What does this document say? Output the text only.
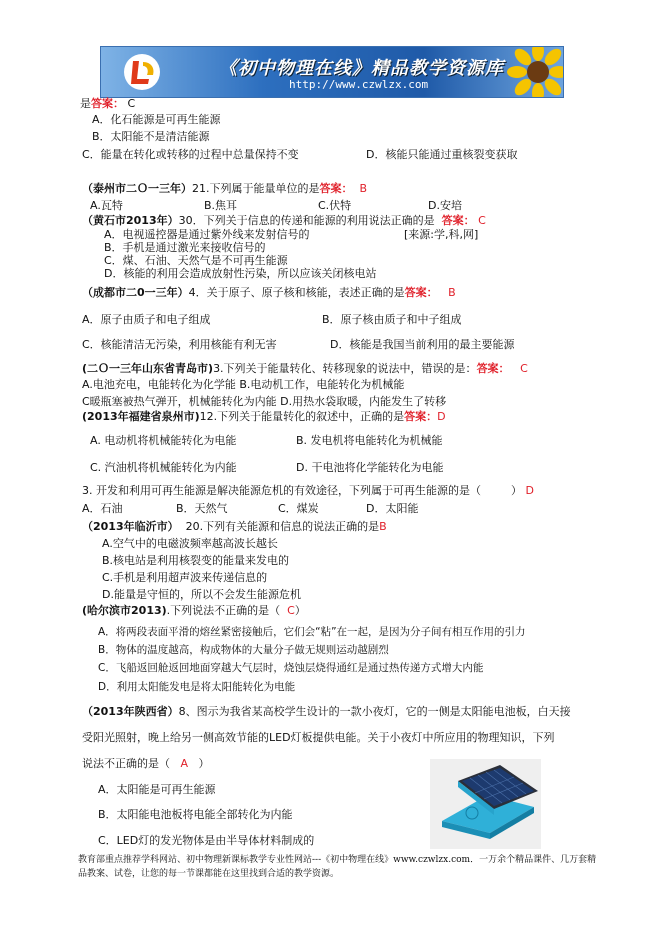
《初中物理在线》精品教学资源库
http://www.czwlzx.com
是答案： C
A．化石能源是可再生能源
B．太阳能不是清洁能源
C．能量在转化或转移的过程中总量保持不变	D．核能只能通过重核裂变获取
（泰州市二Ｏ一三年）21.下列属于能量单位的是答案： B
A.瓦特	B.焦耳	C.伏特	D.安培
（黄石市2013年）30．下列关于信息的传递和能源的利用说法正确的是 答案： C
A．电视遥控器是通过紫外线来发射信号的	[来源:学,科,网]
B．手机是通过激光来接收信号的
C．煤、石油、天然气是不可再生能源
D．核能的利用会造成放射性污染，所以应该关闭核电站
（成都市二0一三年）4．关于原子、原子核和核能，表述正确的是答案： B
A．原子由质子和电子组成	B．原子核由质子和中子组成
C．核能清洁无污染，利用核能有利无害	D．核能是我国当前利用的最主要能源
(二Ｏ一三年山东省青岛市)3.下列关于能量转化、转移现象的说法中，错误的是：答案： C
A.电池充电，电能转化为化学能 B.电动机工作，电能转化为机械能
C暖瓶塞被热气弹开，机械能转化为内能 D.用热水袋取暖，内能发生了转移
(2013年福建省泉州市)12.下列关于能量转化的叙述中，正确的是答案：D
A. 电动机将机械能转化为电能	B. 发电机将电能转化为机械能
C. 汽油机将机械能转化为内能	D. 干电池将化学能转化为电能
3. 开发和利用可再生能源是解决能源危机的有效途径，下列属于可再生能源的是（	） D
A．石油	B．天然气	C．煤炭	D．太阳能
（2013年临沂市） 20.下列有关能源和信息的说法正确的是B
A.空气中的电磁波频率越高波长越长
B.核电站是利用核裂变的能量来发电的
C.手机是利用超声波来传递信息的
D.能量是守恒的，所以不会发生能源危机
(哈尔滨市2013).下列说法不正确的是（ C）
A．将两段表面平滑的熔丝紧密接触后，它们会“粘”在一起，是因为分子间有相互作用的引力
B．物体的温度越高，构成物体的大量分子做无规则运动越剧烈
C．飞船返回舱返回地面穿越大气层时，烧蚀层烧得通红是通过热传递方式增大内能
D．利用太阳能发电是将太阳能转化为电能
（2013年陕西省）8、图示为我省某高校学生设计的一款小夜灯，它的一侧是太阳能电池板，白天接
受阳光照射，晚上给另一侧高效节能的LED灯板提供电能。关于小夜灯中所应用的物理知识，下列
说法不正确的是（ A ）
A．太阳能是可再生能源
B．太阳能电池板将电能全部转化为内能
C．LED灯的发光物体是由半导体材料制成的
教育部重点推荐学科网站、初中物理新课标教学专业性网站---《初中物理在线》www.czwlzx.com．一万余个精品课件、几万套精品教案、试卷，让您的每一节课都能在这里找到合适的教学资源。
